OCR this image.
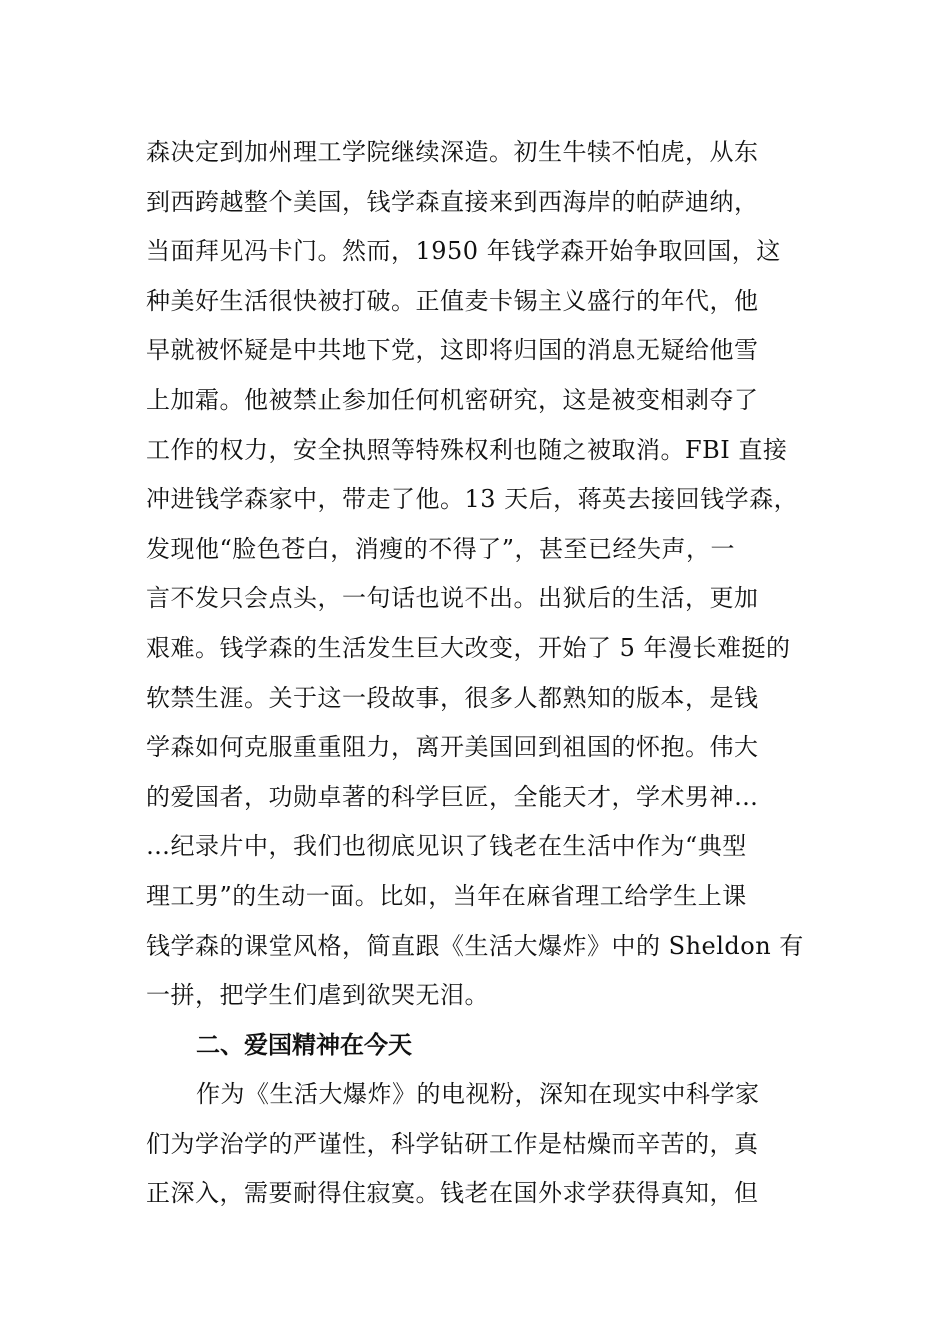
森决定到加州理工学院继续深造。初生牛犊不怕虎，从东
到西跨越整个美国，钱学森直接来到西海岸的帕萨迪纳，
当面拜见冯卡门。然而，1950 年钱学森开始争取回国，这
种美好生活很快被打破。正值麦卡锡主义盛行的年代，他
早就被怀疑是中共地下党，这即将归国的消息无疑给他雪
上加霜。他被禁止参加任何机密研究，这是被变相剥夺了
工作的权力，安全执照等特殊权利也随之被取消。FBI 直接
冲进钱学森家中，带走了他。13 天后，蒋英去接回钱学森，
发现他“脸色苍白，消瘦的不得了”，甚至已经失声，一
言不发只会点头，一句话也说不出。出狱后的生活，更加
艰难。钱学森的生活发生巨大改变，开始了 5 年漫长难挺的
软禁生涯。关于这一段故事，很多人都熟知的版本，是钱
学森如何克服重重阻力，离开美国回到祖国的怀抱。伟大
的爱国者，功勋卓著的科学巨匠，全能天才，学术男神…
…纪录片中，我们也彻底见识了钱老在生活中作为“典型
理工男”的生动一面。比如，当年在麻省理工给学生上课
钱学森的课堂风格，简直跟《生活大爆炸》中的 Sheldon 有
一拼，把学生们虐到欲哭无泪。
二、爱国精神在今天
作为《生活大爆炸》的电视粉，深知在现实中科学家
们为学治学的严谨性，科学钻研工作是枯燥而辛苦的，真
正深入，需要耐得住寂寞。钱老在国外求学获得真知，但
